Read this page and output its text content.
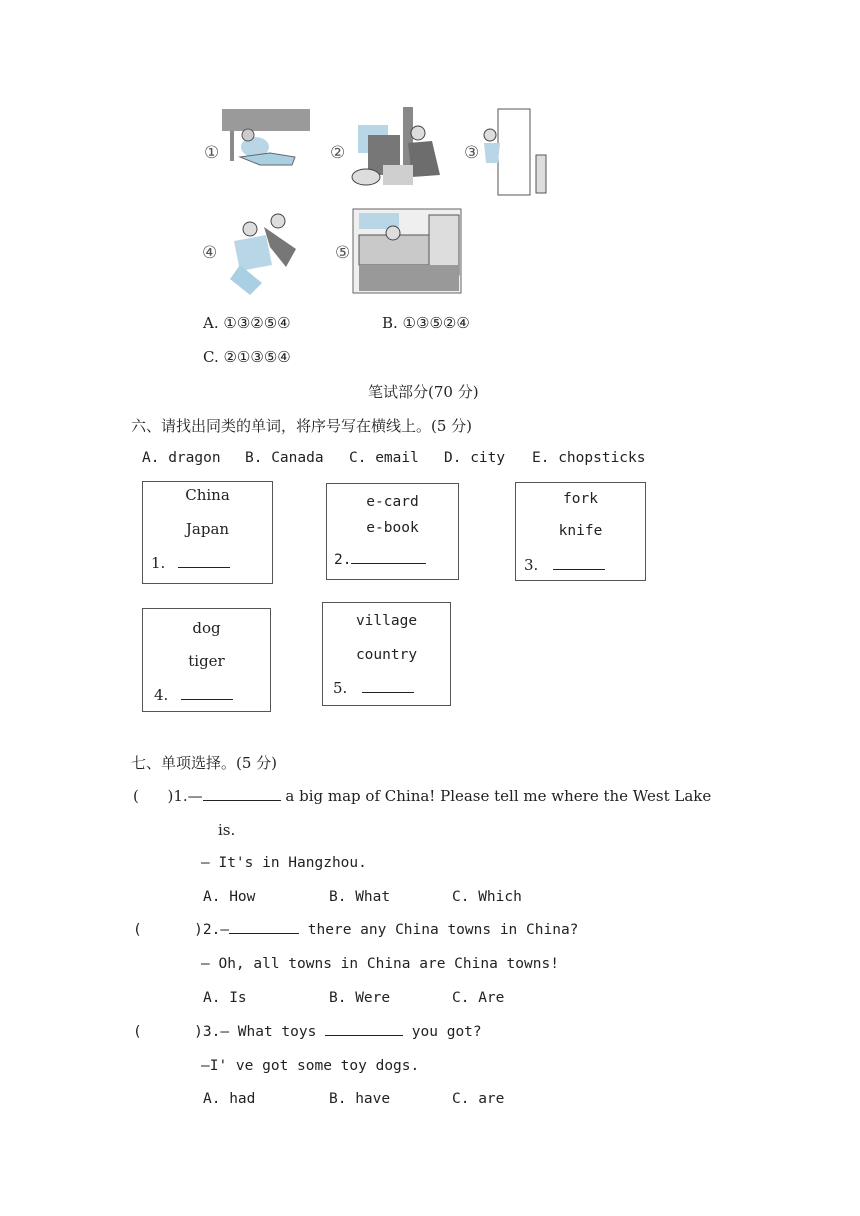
①	②	③
④	⑤
A. ①③②⑤④	B. ①③⑤②④
C. ②①③⑤④
笔试部分(70 分)
六、请找出同类的单词，将序号写在横线上。(5 分)
A. dragon B. Canada C. email D. city E. chopsticks
China
Japan
1.
e-card
e-book
2.
fork
knife
3.
dog
tiger
4.
village
country
5.
七、单项选择。(5 分)
(      )1.—	a big map of China! Please tell me where the West Lake
is.
— It's in Hangzhou.
A. How	B. What	C. Which
(      )2.—	there any China towns in China?
— Oh, all towns in China are China towns!
A. Is	B. Were	C. Are
(      )3.— What toys	you got?
—I' ve got some toy dogs.
A. had	B. have	C. are
